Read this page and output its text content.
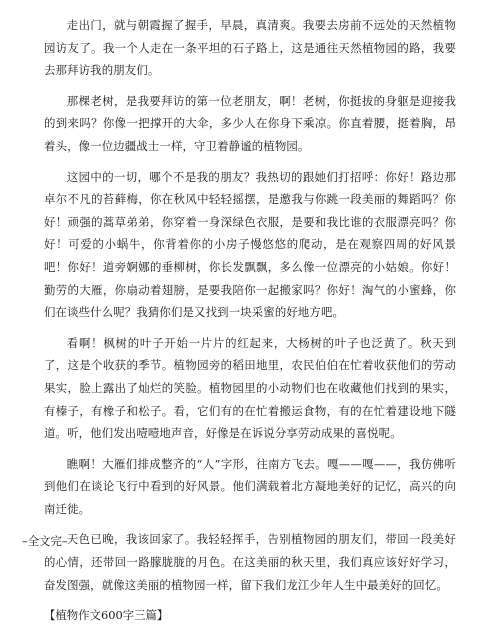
走出门，就与朝霞握了握手，早晨，真清爽。我要去房前不远处的天然植物园访友了。我一个人走在一条平坦的石子路上，这是通往天然植物园的路，我要去那拜访我的朋友们。

那棵老树，是我要拜访的第一位老朋友，啊！老树，你挺拔的身躯是迎接我的到来吗？你像一把撑开的大伞，多少人在你身下乘凉。你直着腰，挺着胸，昂着头，像一位边疆战士一样，守卫着静谧的植物园。

这园中的一切，哪个不是我的朋友？我热切的跟她们打招呼：你好！路边那卓尔不凡的苔藓梅，你在秋风中轻轻摇摆，是邀我与你跳一段美丽的舞蹈吗？你好！顽强的蒿草弟弟，你穿着一身深绿色衣服，是要和我比谁的衣服漂亮吗？你好！可爱的小蜗牛，你背着你的小房子慢悠悠的爬动，是在观察四周的好风景吧！你好！道旁婀娜的垂柳树，你长发飘飘，多么像一位漂亮的小姑娘。你好！勤劳的大雁，你扇动着翅膀，是要我陪你一起搬家吗？你好！淘气的小蜜蜂，你们在谈些什么呢？我猜你们是又找到一块采蜜的好地方吧。

看啊！枫树的叶子开始一片片的红起来，大杨树的叶子也泛黄了。秋天到了，这是个收获的季节。植物园旁的稻田地里，农民伯伯在忙着收获他们的劳动果实，脸上露出了灿烂的笑脸。植物园里的小动物们也在收藏他们找到的果实，有榛子，有橡子和松子。看，它们有的在忙着搬运食物，有的在忙着建设地下隧道。听，他们发出噎噎地声音，好像是在诉说分享劳动成果的喜悦呢。

瞧啊！大雁们排成整齐的“人”字形，往南方飞去。嘎——嘎——，我仿佛听到他们在谈论飞行中看到的好风景。他们满载着北方凝地美好的记忆，高兴的向南迁徙。

天色已晚，我该回家了。我轻轻挥手，告别植物园的朋友们，带回一段美好的心情，还带回一路朦胧胧的月色。在这美丽的秋天里，我们真应该好好学习，奋发图强，就像这美丽的植物园一样，留下我们龙江少年人生中最美好的回忆。

【植物作文600字三篇】

–全文完–
